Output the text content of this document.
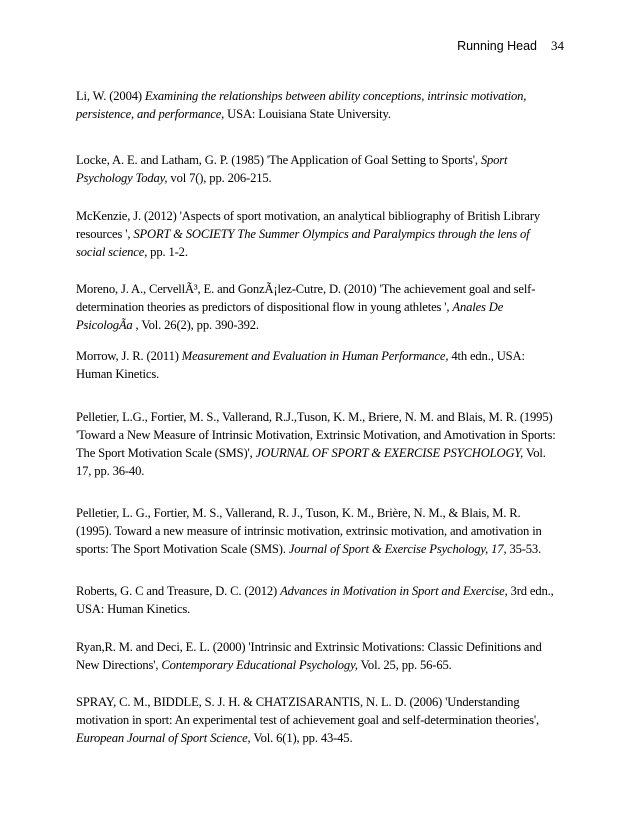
Running Head 34
Li, W. (2004) Examining the relationships between ability conceptions, intrinsic motivation, persistence, and performance, USA: Louisiana State University.
Locke, A. E. and Latham, G. P. (1985) 'The Application of Goal Setting to Sports', Sport Psychology Today, vol 7(), pp. 206-215.
McKenzie, J. (2012) 'Aspects of sport motivation, an analytical bibliography of British Library resources ', SPORT & SOCIETY The Summer Olympics and Paralympics through the lens of social science, pp. 1-2.
Moreno, J. A., CervellÃ³, E. and GonzÃ¡lez-Cutre, D. (2010) 'The achievement goal and self-determination theories as predictors of dispositional flow in young athletes ', Anales De PsicologÃa , Vol. 26(2), pp. 390-392.
Morrow, J. R. (2011) Measurement and Evaluation in Human Performance, 4th edn., USA: Human Kinetics.
Pelletier, L.G., Fortier, M. S., Vallerand, R.J.,Tuson, K. M., Briere, N. M. and Blais, M. R. (1995) 'Toward a New Measure of Intrinsic Motivation, Extrinsic Motivation, and Amotivation in Sports: The Sport Motivation Scale (SMS)', JOURNAL OF SPORT & EXERCISE PSYCHOLOGY, Vol. 17, pp. 36-40.
Pelletier, L. G., Fortier, M. S., Vallerand, R. J., Tuson, K. M., Brière, N. M., & Blais, M. R. (1995). Toward a new measure of intrinsic motivation, extrinsic motivation, and amotivation in sports: The Sport Motivation Scale (SMS). Journal of Sport & Exercise Psychology, 17, 35-53.
Roberts, G. C and Treasure, D. C. (2012) Advances in Motivation in Sport and Exercise, 3rd edn., USA: Human Kinetics.
Ryan,R. M. and Deci, E. L. (2000) 'Intrinsic and Extrinsic Motivations: Classic Definitions and New Directions', Contemporary Educational Psychology, Vol. 25, pp. 56-65.
SPRAY, C. M., BIDDLE, S. J. H. & CHATZISARANTIS, N. L. D. (2006) 'Understanding motivation in sport: An experimental test of achievement goal and self-determination theories', European Journal of Sport Science, Vol. 6(1), pp. 43-45.
